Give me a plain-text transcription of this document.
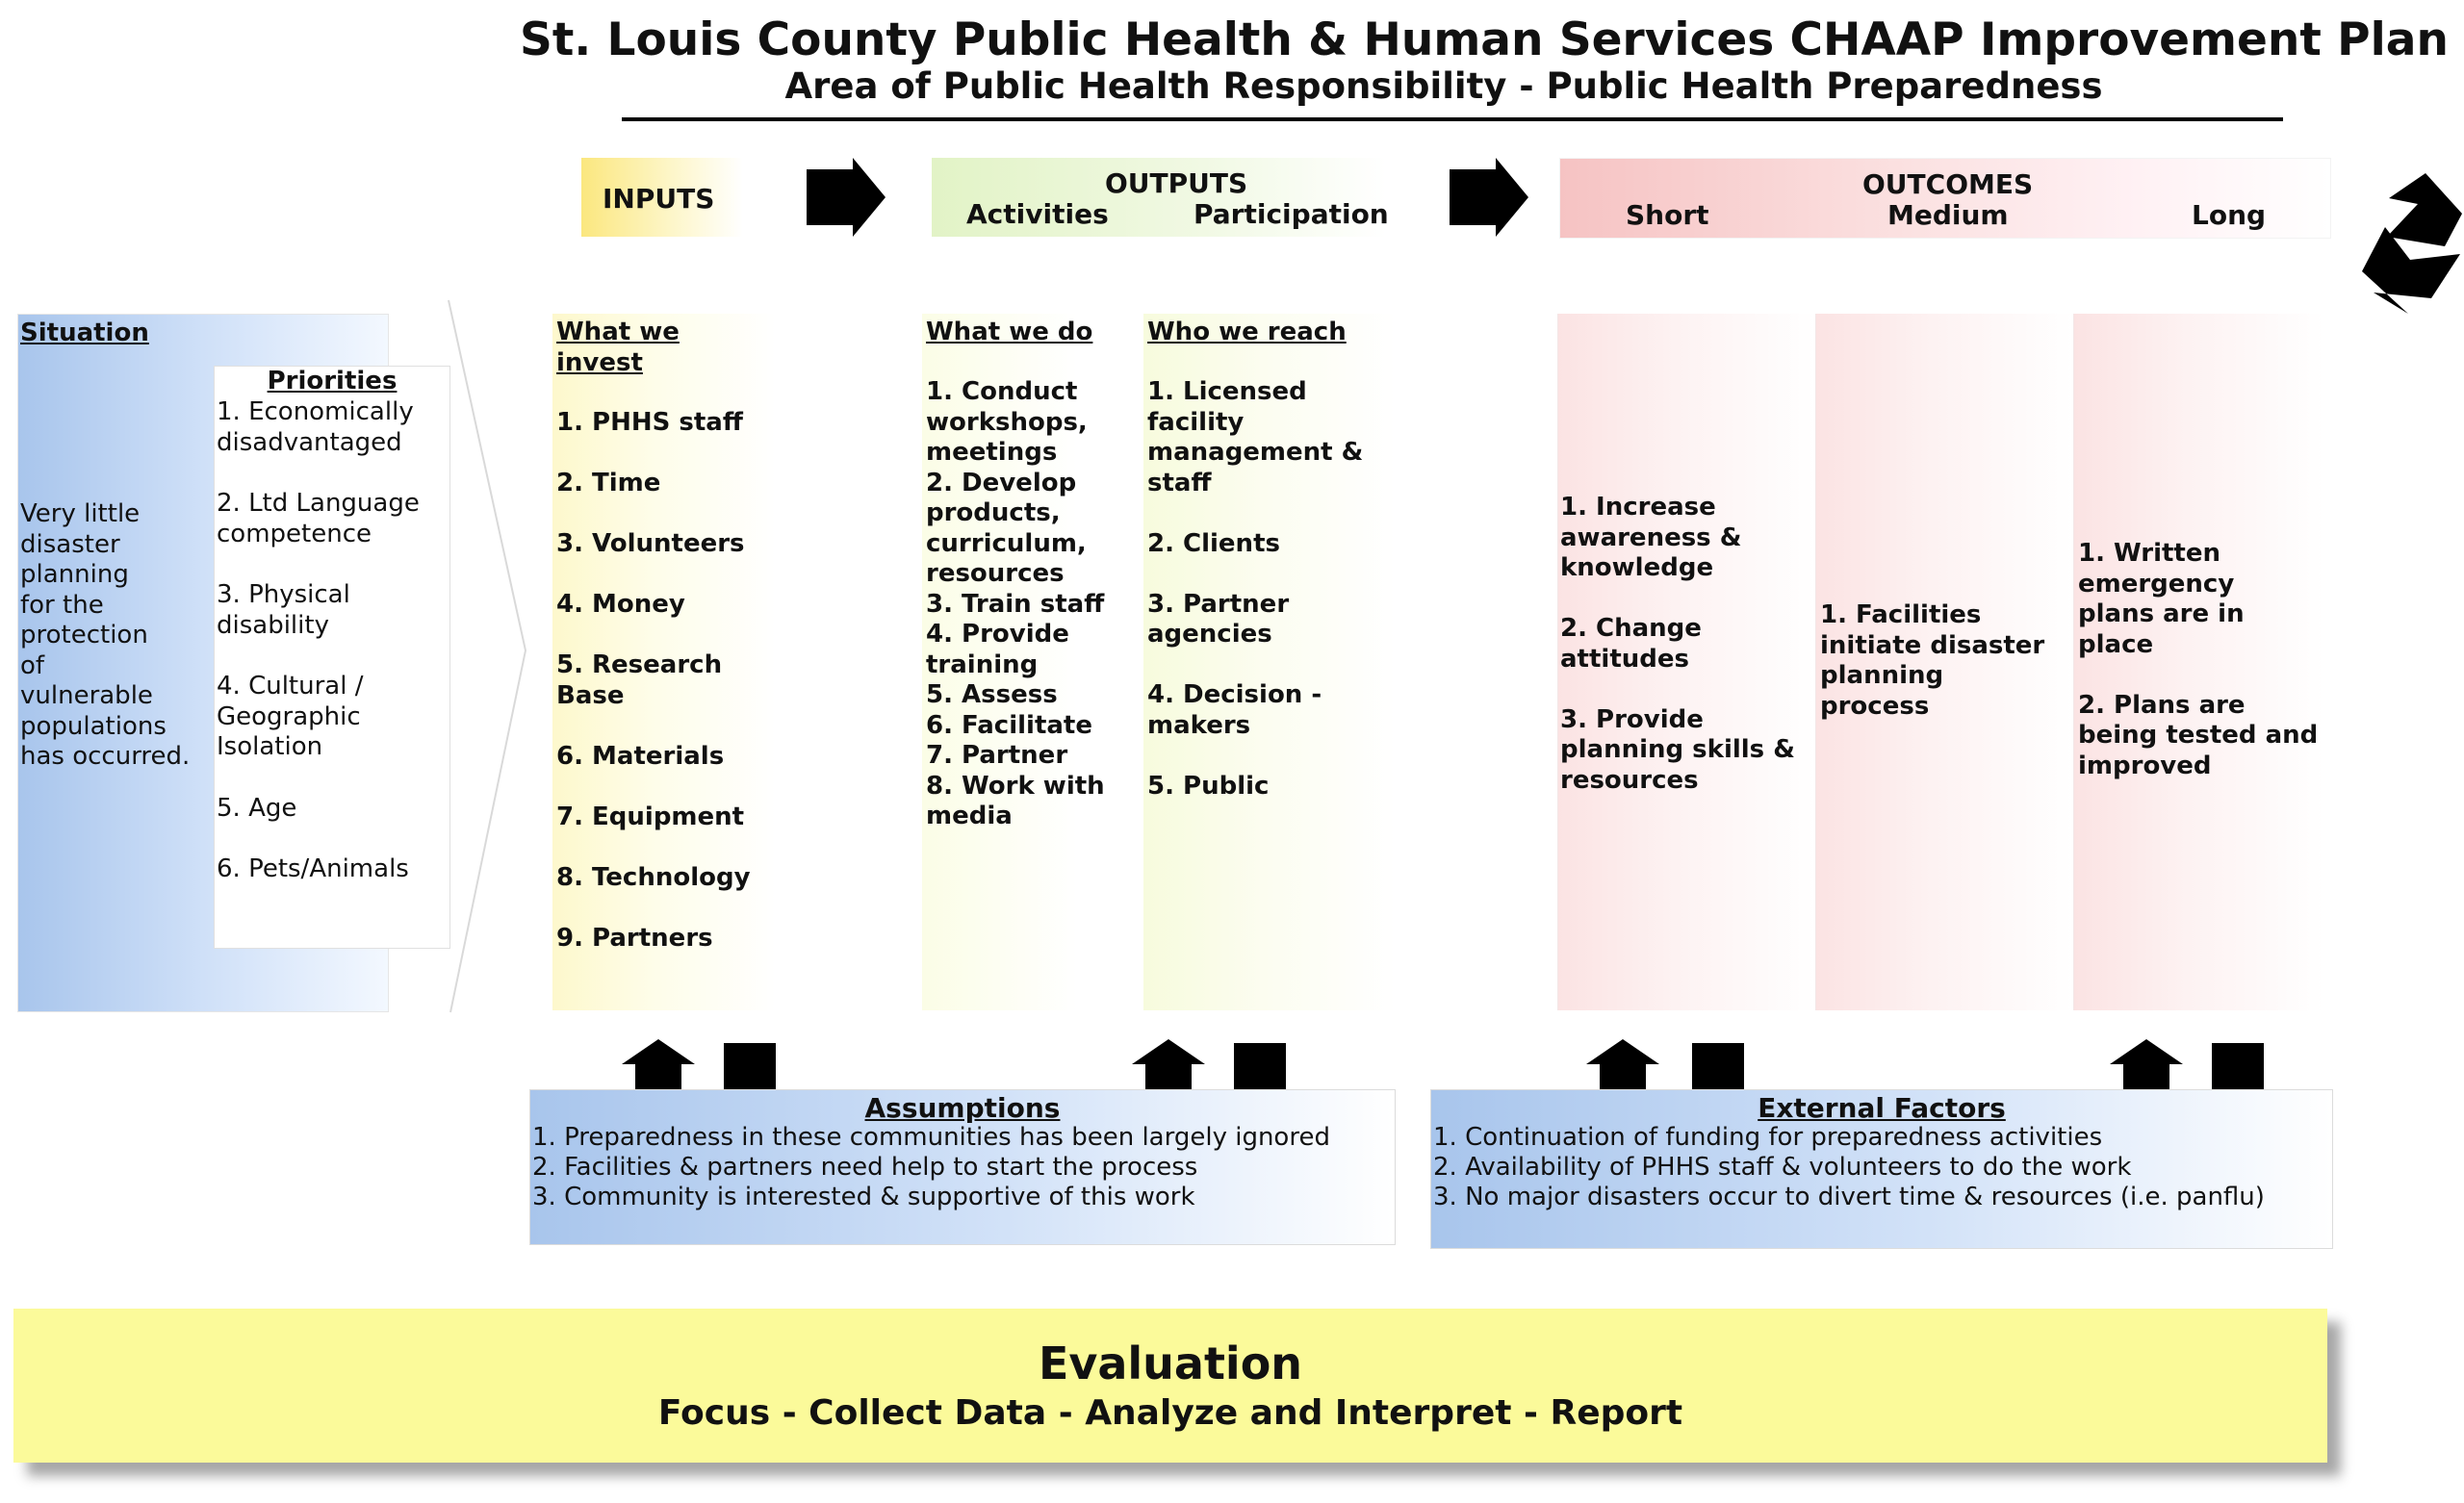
St. Louis County Public Health & Human Services CHAAP Improvement Plan
Area of Public Health Responsibility - Public Health Preparedness
INPUTS	OUTPUTS
Activities	Participation
OUTCOMES
Short	Medium	Long
Situation
Very little
disaster
planning
for the
protection
of
vulnerable
populations
has occurred.
Priorities
1. Economically
disadvantaged
2. Ltd Language
competence
3. Physical
disability
4. Cultural /
Geographic
Isolation
5. Age
6. Pets/Animals
What we
invest
1. PHHS staff
2. Time
3. Volunteers
4. Money
5. Research
Base
6. Materials
7. Equipment
8. Technology
9. Partners
What we do
1. Conduct
workshops,
meetings
2. Develop
products,
curriculum,
resources
3. Train staff
4. Provide
training
5. Assess
6. Facilitate
7. Partner
8. Work with
media
Who we reach
1. Licensed
facility
management &
staff
2. Clients
3. Partner
agencies
4. Decision -
makers
5. Public
1. Increase
awareness &
knowledge
2. Change
attitudes
3. Provide
planning skills &
resources
1. Facilities
initiate disaster
planning
process
1. Written
emergency
plans are in
place
2. Plans are
being tested and
improved
Assumptions
1. Preparedness in these communities has been largely ignored
2. Facilities & partners need help to start the process
3. Community is interested & supportive of this work
External Factors
1. Continuation of funding for preparedness activities
2. Availability of PHHS staff & volunteers to do the work
3. No major disasters occur to divert time & resources (i.e. panflu)
Evaluation
Focus - Collect Data - Analyze and Interpret - Report
